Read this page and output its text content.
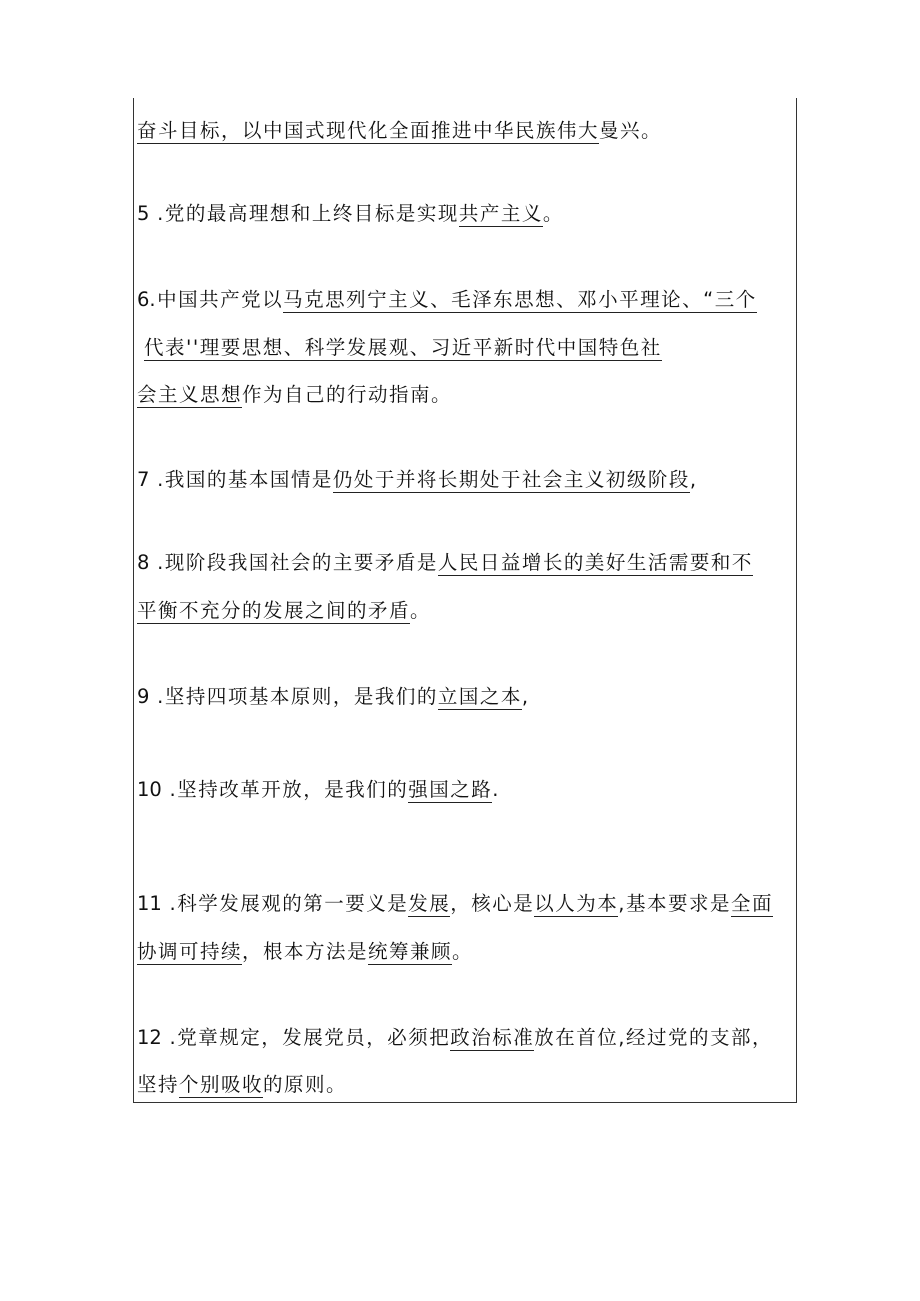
奋斗目标，以中国式现代化全面推进中华民族伟大曼兴。
5 .党的最高理想和上终目标是实现共产主义。
6.中国共产党以马克思列宁主义、毛泽东思想、邓小平理论、“三个
代表''理要思想、科学发展观、习近平新时代中国特色社
会主义思想作为自己的行动指南。
7 .我国的基本国情是仍处于并将长期处于社会主义初级阶段,
8 .现阶段我国社会的主要矛盾是人民日益增长的美好生活需要和不
平衡不充分的发展之间的矛盾。
9 .坚持四项基本原则，是我们的立国之本,
10 .坚持改革开放，是我们的强国之路.
11 .科学发展观的第一要义是发展，核心是以人为本,基本要求是全面
协调可持续，根本方法是统筹兼顾。
12 .党章规定，发展党员，必须把政治标准放在首位,经过党的支部，
坚持个别吸收的原则。
